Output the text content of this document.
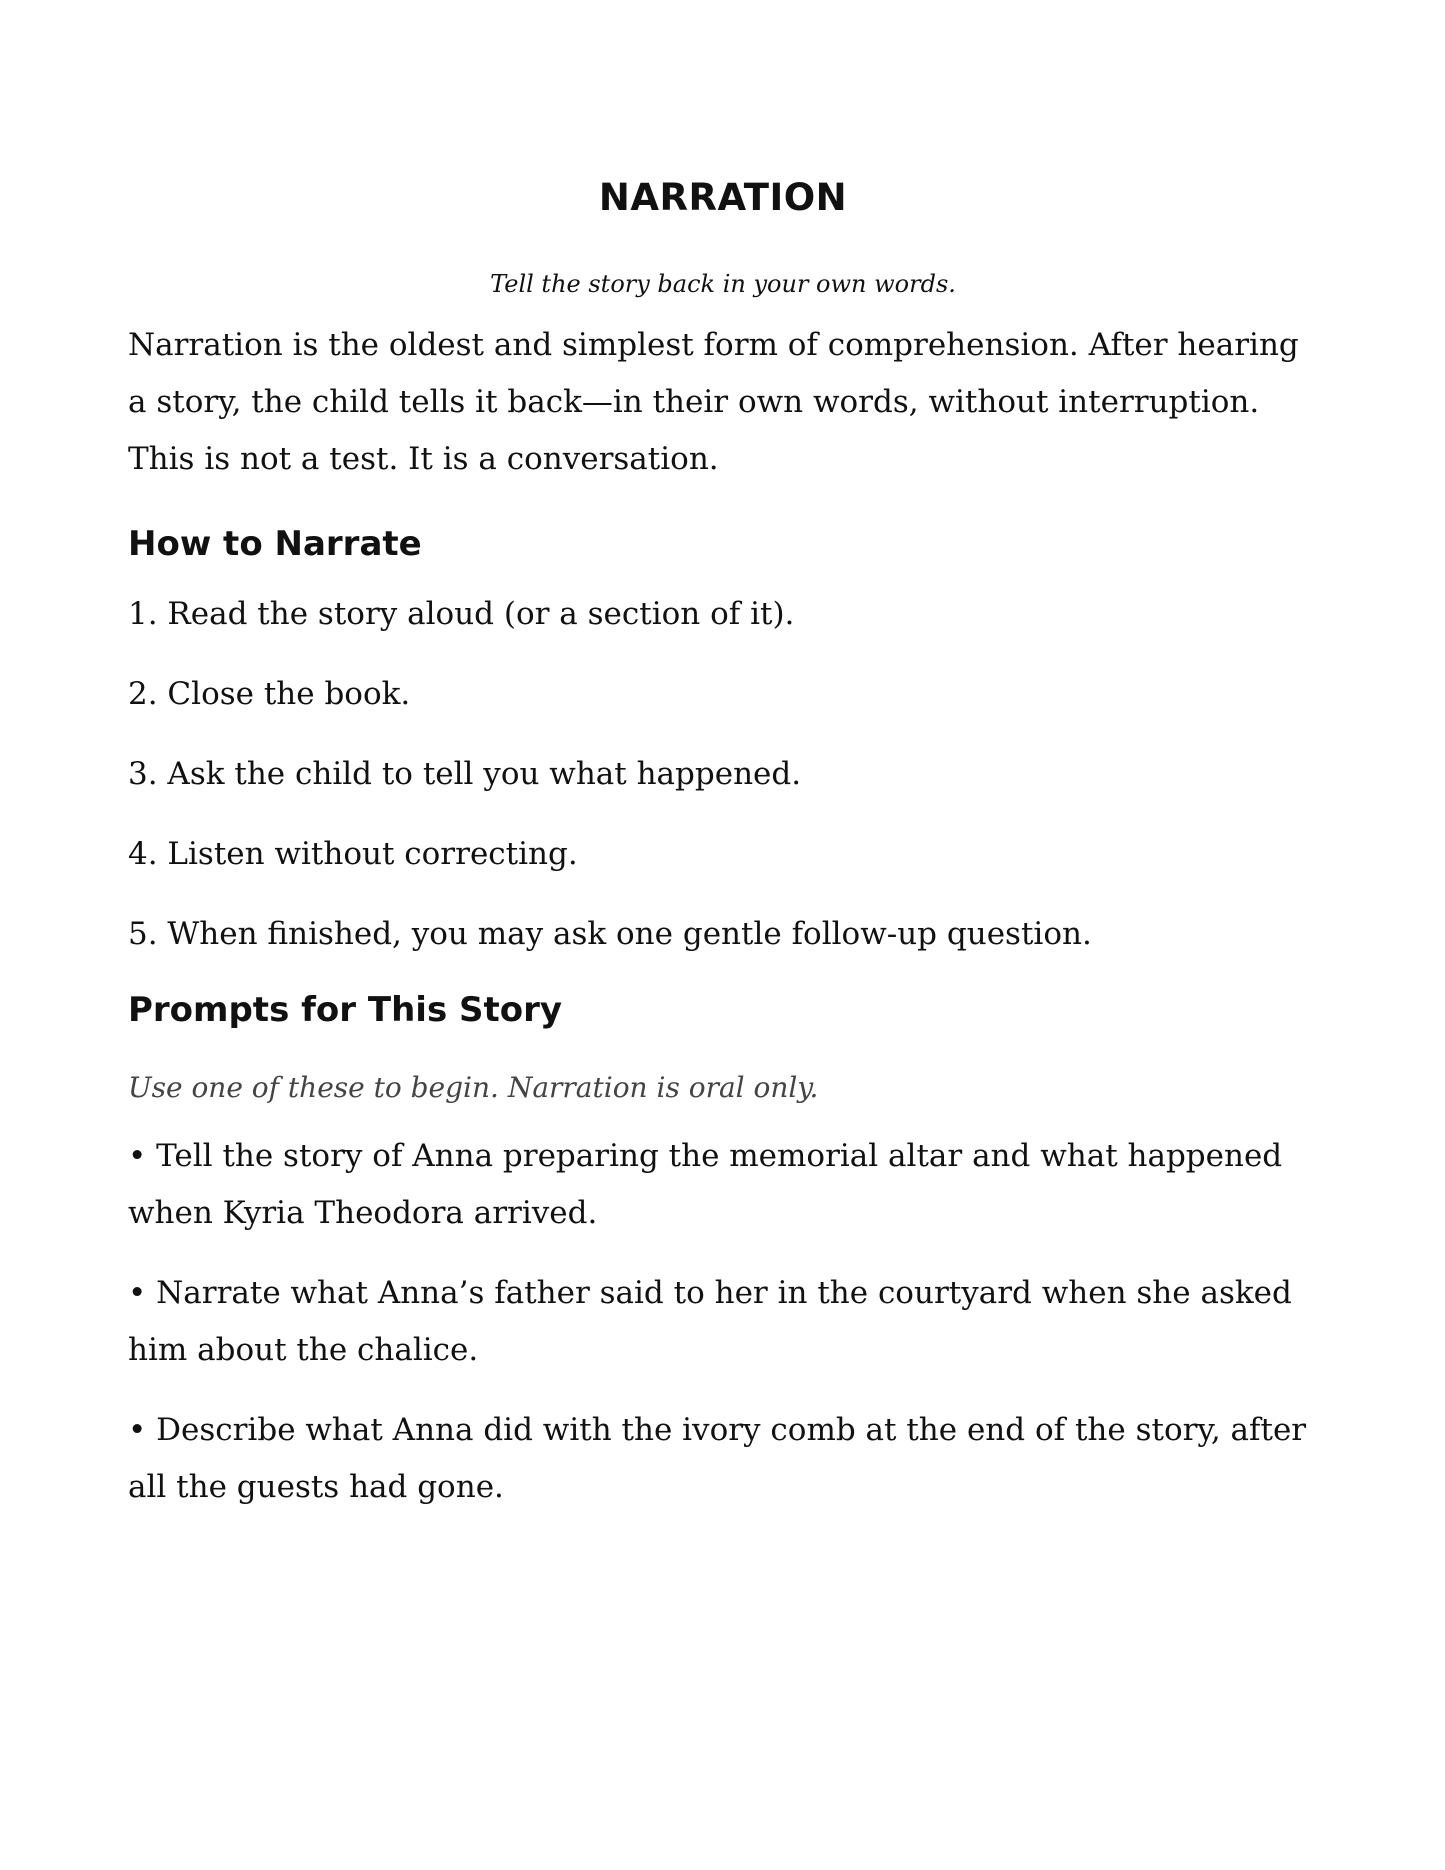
NARRATION

Tell the story back in your own words.

Narration is the oldest and simplest form of comprehension. After hearing a story, the child tells it back—in their own words, without interruption. This is not a test. It is a conversation.

How to Narrate
1. Read the story aloud (or a section of it).
2. Close the book.
3. Ask the child to tell you what happened.
4. Listen without correcting.
5. When finished, you may ask one gentle follow-up question.
Prompts for This Story

Use one of these to begin. Narration is oral only.

• Tell the story of Anna preparing the memorial altar and what happened when Kyria Theodora arrived.
• Narrate what Anna’s father said to her in the courtyard when she asked him about the chalice.
• Describe what Anna did with the ivory comb at the end of the story, after all the guests had gone.
